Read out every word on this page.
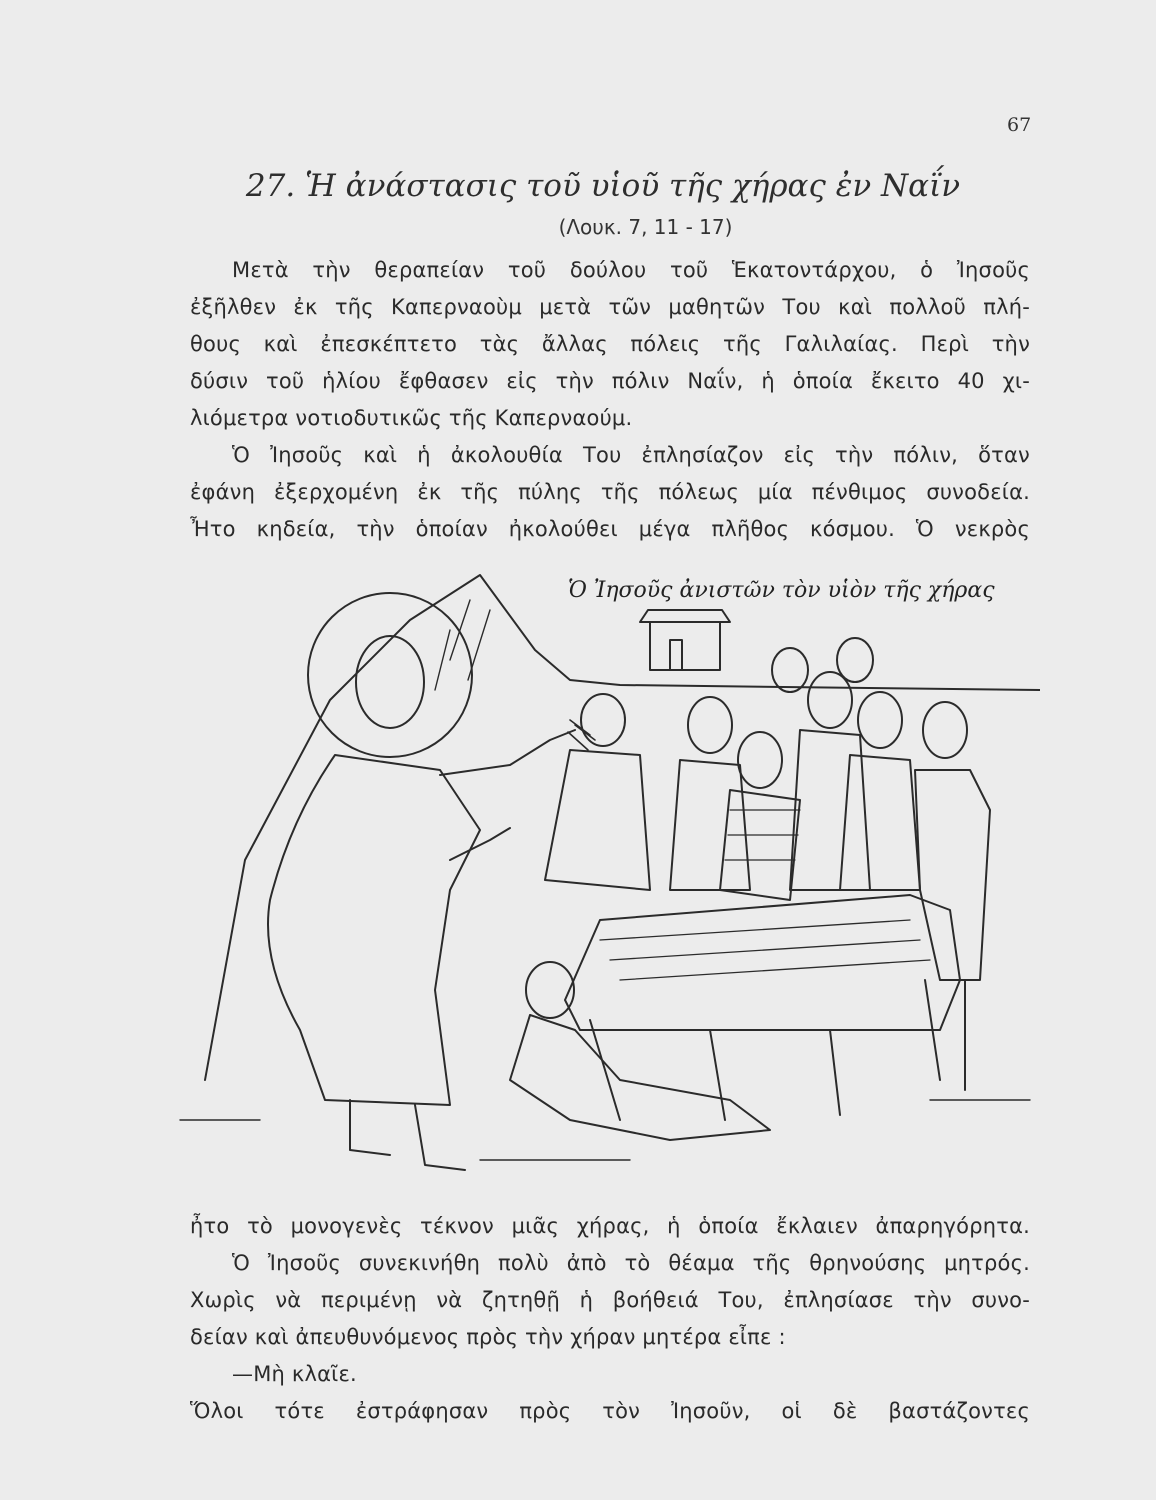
67
27. Ἡ ἀνάστασις τοῦ υἱοῦ τῆς χήρας ἐν Ναΐν
(Λουκ. 7, 11 - 17)
Μετὰ τὴν θεραπείαν τοῦ δούλου τοῦ Ἑκατοντάρχου, ὁ Ἰησοῦς
ἐξῆλθεν ἐκ τῆς Καπερναοὺμ μετὰ τῶν μαθητῶν Του καὶ πολλοῦ πλή-
θους καὶ ἐπεσκέπτετο τὰς ἄλλας πόλεις τῆς Γαλιλαίας. Περὶ τὴν
δύσιν τοῦ ἡλίου ἔφθασεν εἰς τὴν πόλιν Ναΐν, ἡ ὁποία ἔκειτο 40 χι-
λιόμετρα νοτιοδυτικῶς τῆς Καπερναούμ.
Ὁ Ἰησοῦς καὶ ἡ ἀκολουθία Του ἐπλησίαζον εἰς τὴν πόλιν, ὅταν
ἐφάνη ἐξερχομένη ἐκ τῆς πύλης τῆς πόλεως μία πένθιμος συνοδεία.
Ἦτο κηδεία, τὴν ὁποίαν ἠκολούθει μέγα πλῆθος κόσμου. Ὁ νεκρὸς
Ὁ Ἰησοῦς ἀνιστῶν τὸν υἱὸν τῆς χήρας
ἦτο τὸ μονογενὲς τέκνον μιᾶς χήρας, ἡ ὁποία ἔκλαιεν ἀπαρηγόρητα.
Ὁ Ἰησοῦς συνεκινήθη πολὺ ἀπὸ τὸ θέαμα τῆς θρηνούσης μητρός.
Χωρὶς νὰ περιμένῃ νὰ ζητηθῇ ἡ βοήθειά Του, ἐπλησίασε τὴν συνο-
δείαν καὶ ἀπευθυνόμενος πρὸς τὴν χήραν μητέρα εἶπε :
—Μὴ κλαῖε.
Ὅλοι τότε ἐστράφησαν πρὸς τὸν Ἰησοῦν, οἱ δὲ βαστάζοντες
